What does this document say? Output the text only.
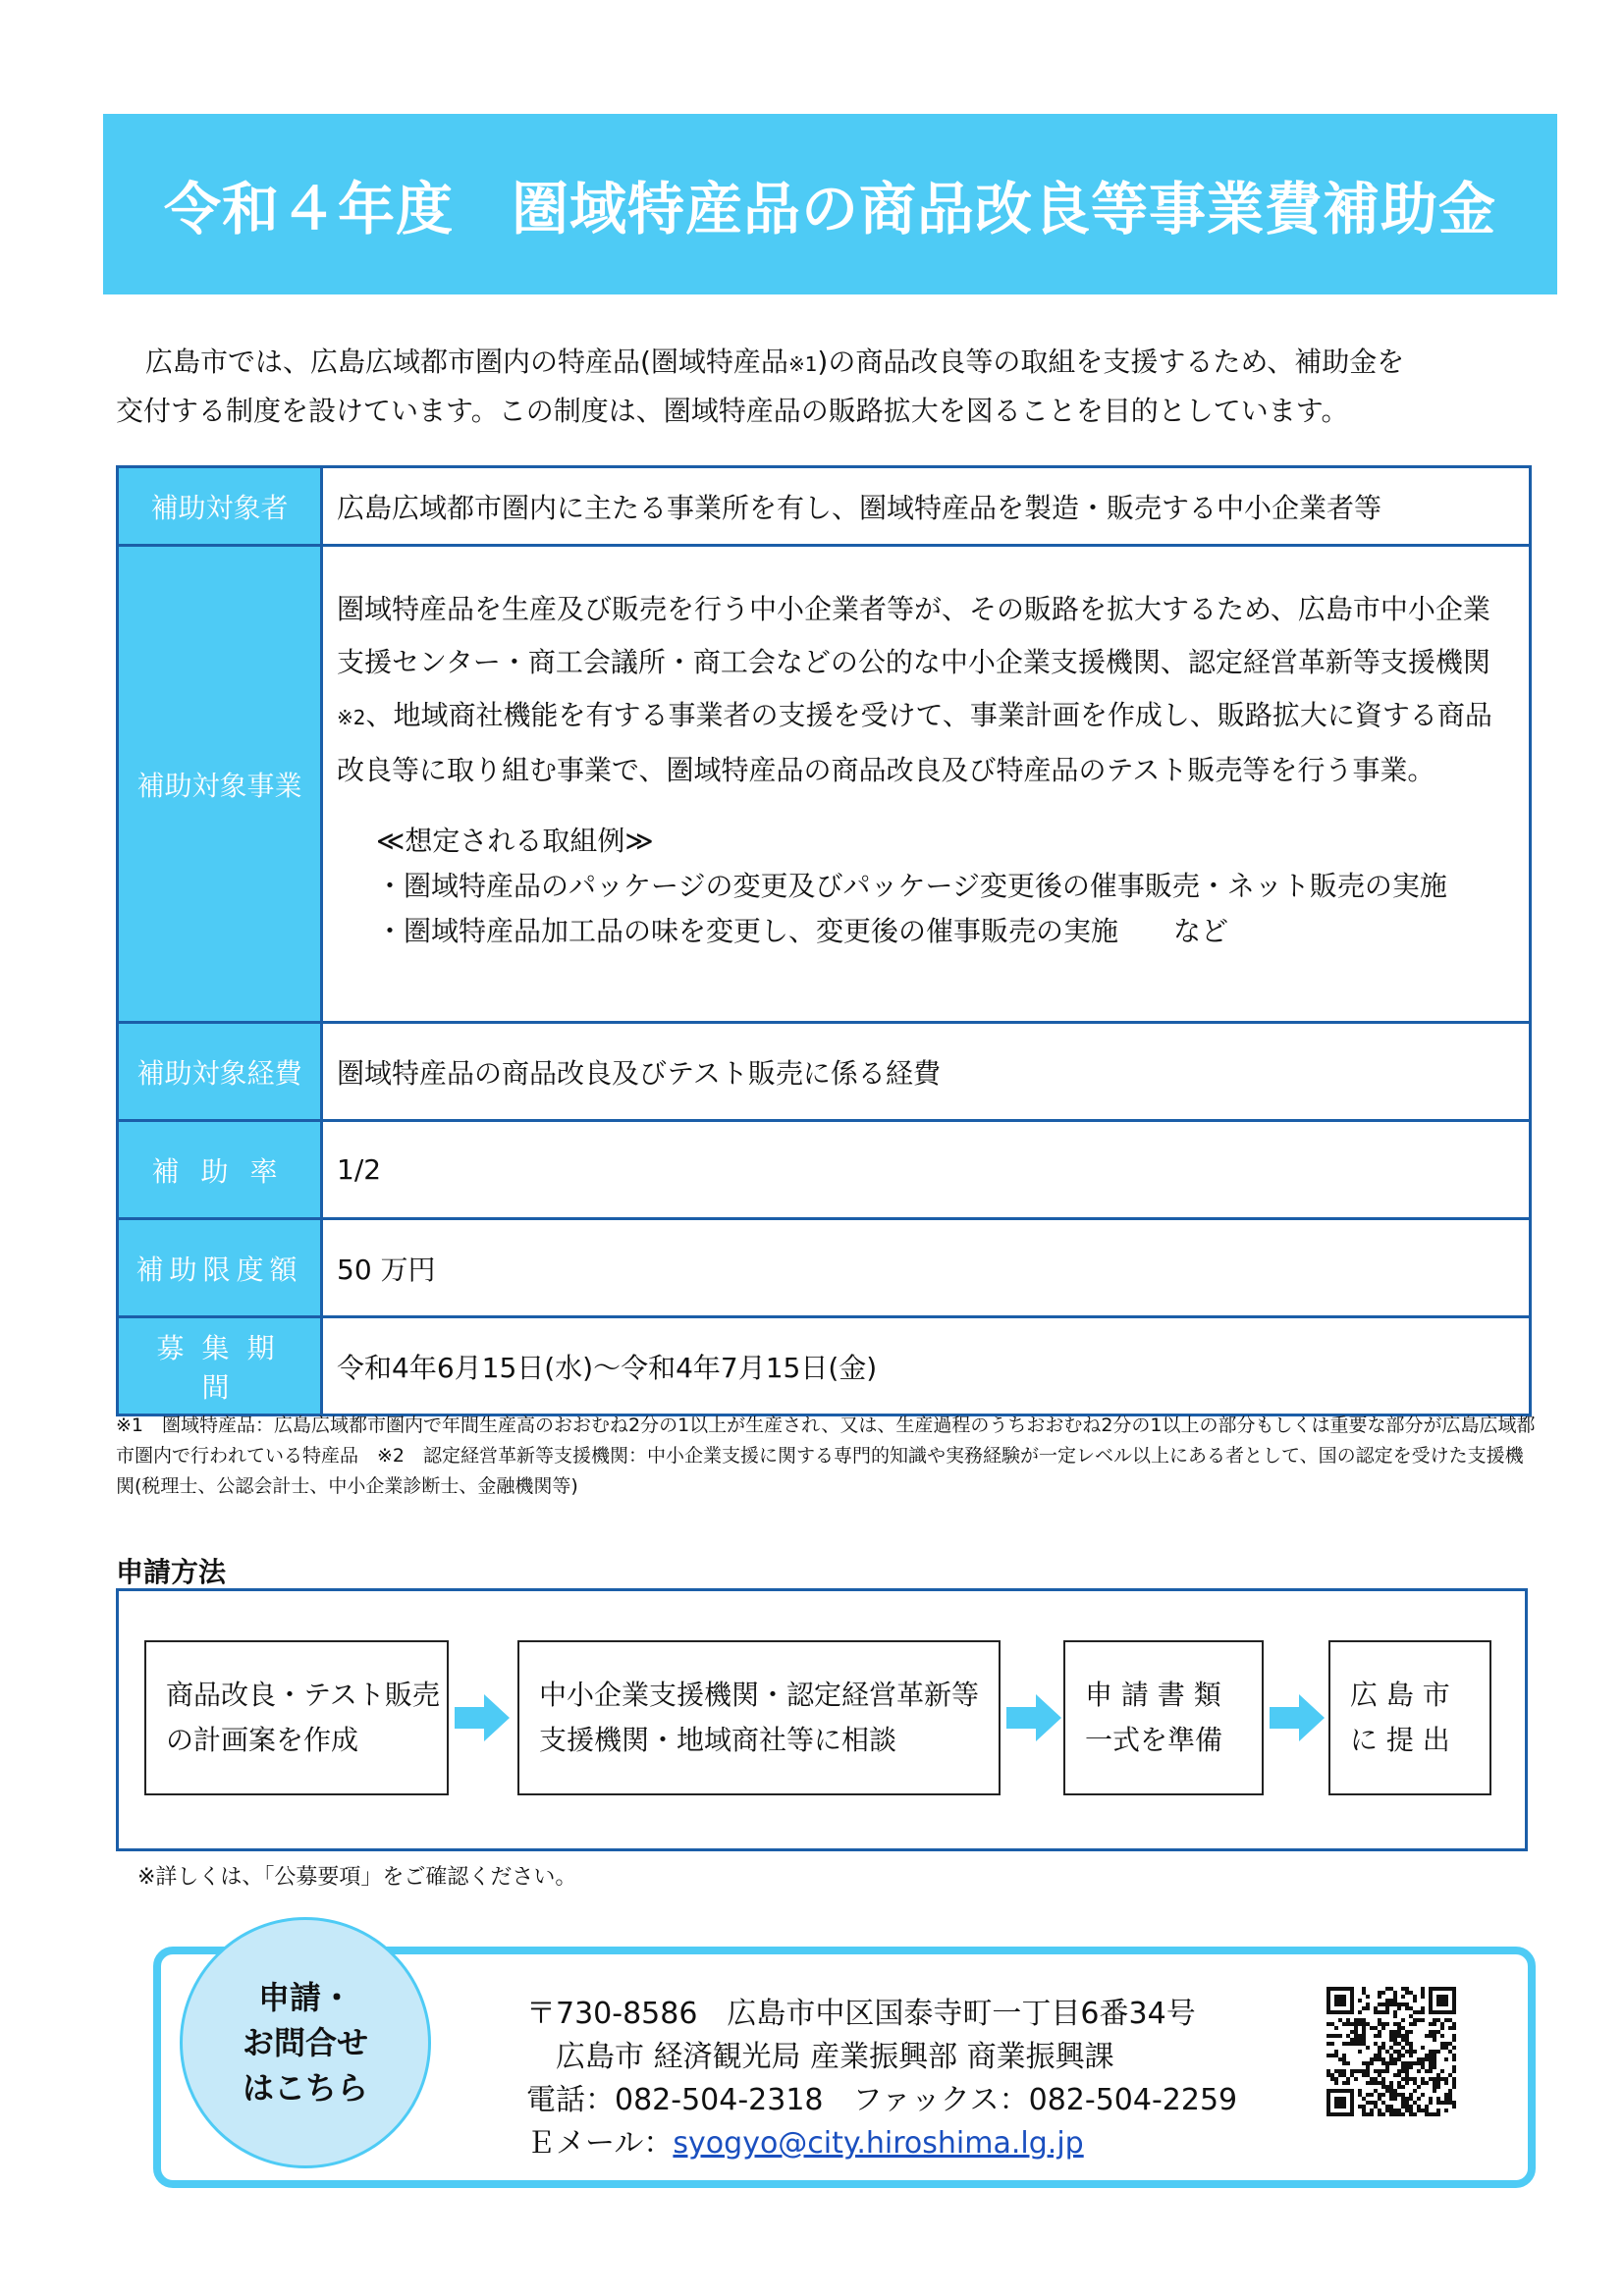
令和４年度　圏域特産品の商品改良等事業費補助金

広島市では、広島広域都市圏内の特産品(圏域特産品※1)の商品改良等の取組を支援するため、補助金を

交付する制度を設けています。この制度は、圏域特産品の販路拡大を図ることを目的としています。

補助対象者	広島広域都市圏内に主たる事業所を有し、圏域特産品を製造・販売する中小企業者等
補助対象事業	圏域特産品を生産及び販売を行う中小企業者等が、その販路を拡大するため、広島市中小企業支援センター・商工会議所・商工会などの公的な中小企業支援機関、認定経営革新等支援機関※2、地域商社機能を有する事業者の支援を受けて、事業計画を作成し、販路拡大に資する商品改良等に取り組む事業で、圏域特産品の商品改良及び特産品のテスト販売等を行う事業。
≪想定される取組例≫
・圏域特産品のパッケージの変更及びパッケージ変更後の催事販売・ネット販売の実施
・圏域特産品加工品の味を変更し、変更後の催事販売の実施　　など

補助対象経費	圏域特産品の商品改良及びテスト販売に係る経費
補助率	1/2
補助限度額	50 万円
募集期間	令和4年6月15日(水)～令和4年7月15日(金)
※1　圏域特産品：広島広域都市圏内で年間生産高のおおむね2分の1以上が生産され、又は、生産過程のうちおおむね2分の1以上の部分もしくは重要な部分が広島広域都市圏内で行われている特産品　※2　認定経営革新等支援機関：中小企業支援に関する専門的知識や実務経験が一定レベル以上にある者として、国の認定を受けた支援機関(税理士、公認会計士、中小企業診断士、金融機関等)
申請方法
商品改良・テスト販売
の計画案を作成
中小企業支援機関・認定経営革新等
支援機関・地域商社等に相談
申 請 書 類
一式を準備
広 島 市
に 提 出
※詳しくは、「公募要項」をご確認ください。
申請・
お問合せ
はこちら
〒730-8586　広島市中区国泰寺町一丁目6番34号
　広島市 経済観光局 産業振興部 商業振興課
電話：082-504-2318　ファックス：082-504-2259
Ｅメール：syogyo@city.hiroshima.lg.jp
